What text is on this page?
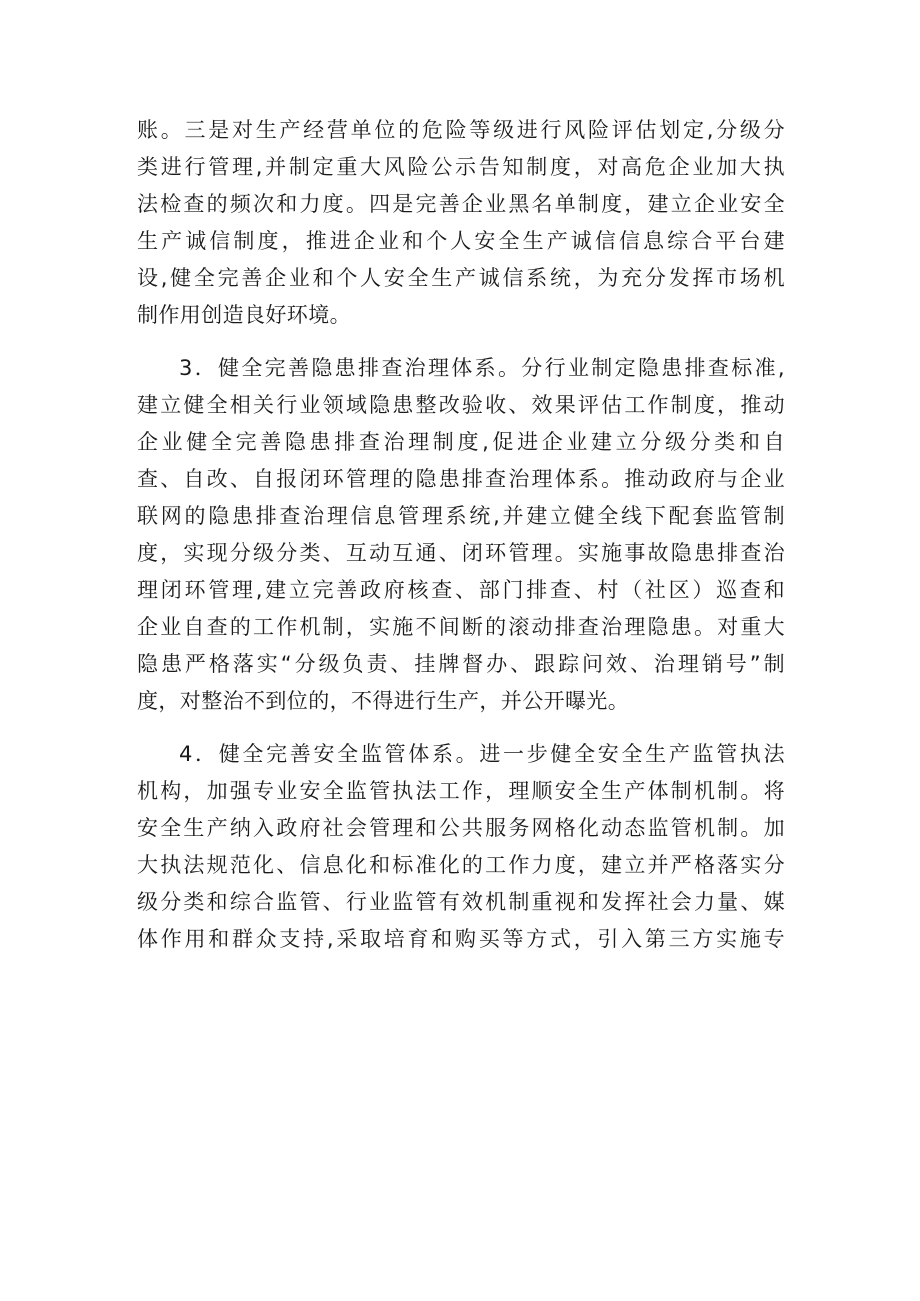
账。三是对生产经营单位的危险等级进行风险评估划定,分级分
类进行管理,并制定重大风险公示告知制度，对高危企业加大执
法检查的频次和力度。四是完善企业黑名单制度，建立企业安全
生产诚信制度，推进企业和个人安全生产诚信信息综合平台建
设,健全完善企业和个人安全生产诚信系统，为充分发挥市场机
制作用创造良好环境。
3．健全完善隐患排查治理体系。分行业制定隐患排查标准,
建立健全相关行业领域隐患整改验收、效果评估工作制度，推动
企业健全完善隐患排查治理制度,促进企业建立分级分类和自
查、自改、自报闭环管理的隐患排查治理体系。推动政府与企业
联网的隐患排查治理信息管理系统,并建立健全线下配套监管制
度，实现分级分类、互动互通、闭环管理。实施事故隐患排查治
理闭环管理,建立完善政府核查、部门排查、村（社区）巡查和
企业自查的工作机制，实施不间断的滚动排查治理隐患。对重大
隐患严格落实“分级负责、挂牌督办、跟踪问效、治理销号”制
度，对整治不到位的，不得进行生产，并公开曝光。
4．健全完善安全监管体系。进一步健全安全生产监管执法
机构，加强专业安全监管执法工作，理顺安全生产体制机制。将
安全生产纳入政府社会管理和公共服务网格化动态监管机制。加
大执法规范化、信息化和标准化的工作力度，建立并严格落实分
级分类和综合监管、行业监管有效机制重视和发挥社会力量、媒
体作用和群众支持,采取培育和购买等方式，引入第三方实施专
